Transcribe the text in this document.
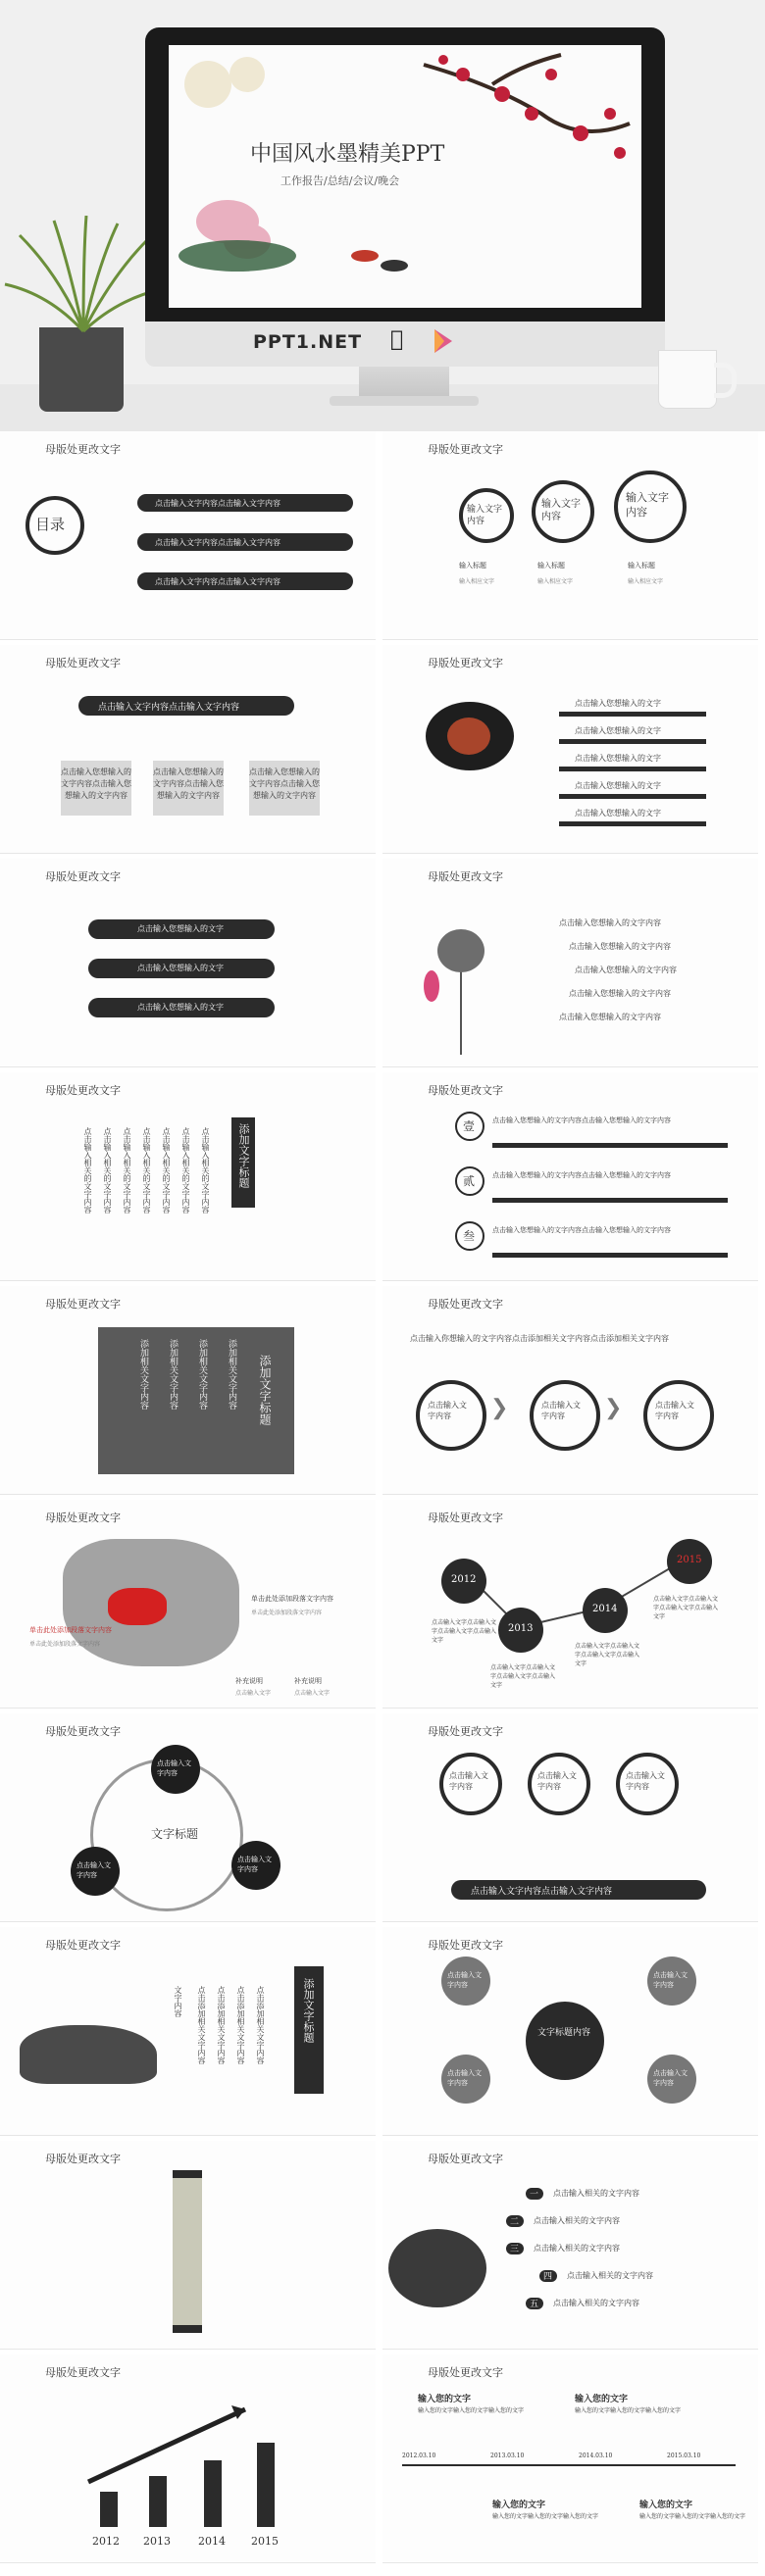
中国风水墨精美PPT
工作报告/总结/会议/晚会
PPT1.NET
母版处更改文字
目录
点击输入文字内容点击输入文字内容
点击输入文字内容点击输入文字内容
点击输入文字内容点击输入文字内容
母版处更改文字
输入文字内容
输入文字内容
输入文字内容
输入标题	输入标题	输入标题
输入相应文字	输入相应文字	输入相应文字
母版处更改文字
点击输入文字内容点击输入文字内容
点击输入您想输入的文字内容点击输入您想输入的文字内容
点击输入您想输入的文字内容点击输入您想输入的文字内容
点击输入您想输入的文字内容点击输入您想输入的文字内容
母版处更改文字
点击输入您想输入的文字
点击输入您想输入的文字
点击输入您想输入的文字
点击输入您想输入的文字
点击输入您想输入的文字
母版处更改文字
点击输入您想输入的文字
点击输入您想输入的文字
点击输入您想输入的文字
母版处更改文字
点击输入您想输入的文字内容
点击输入您想输入的文字内容
点击输入您想输入的文字内容
点击输入您想输入的文字内容
点击输入您想输入的文字内容
母版处更改文字
点击输入相关的文字内容 点击输入相关的文字内容 点击输入相关的文字内容 点击输入相关的文字内容 点击输入相关的文字内容 点击输入相关的文字内容 点击输入相关的文字内容	添加文字标题
母版处更改文字
壹
贰
叁
点击输入您想输入的文字内容点击输入您想输入的文字内容
点击输入您想输入的文字内容点击输入您想输入的文字内容
点击输入您想输入的文字内容点击输入您想输入的文字内容
母版处更改文字
添加相关文字内容 添加相关文字内容 添加相关文字内容 添加相关文字内容 添加文字标题
母版处更改文字
点击输入你想输入的文字内容点击添加相关文字内容点击添加相关文字内容
点击输入文字内容
点击输入文字内容
点击输入文字内容
❯	❯
母版处更改文字
单击此处添加段落文字内容
单击此处添加段落文字内容
单击此处添加段落文字内容
单击此处添加段落文字内容
补充说明	补充说明
点击输入文字	点击输入文字
母版处更改文字
2012
2013
2014
2015
点击输入文字点击输入文字点击输入文字点击输入文字
点击输入文字点击输入文字点击输入文字点击输入文字
点击输入文字点击输入文字点击输入文字点击输入文字
点击输入文字点击输入文字点击输入文字点击输入文字
母版处更改文字
文字标题
点击输入文字内容
点击输入文字内容
点击输入文字内容
母版处更改文字
点击输入文字内容
点击输入文字内容
点击输入文字内容
点击输入文字内容点击输入文字内容
母版处更改文字
文字内容 点击添加相关文字内容 点击添加相关文字内容 点击添加相关文字内容 点击添加相关文字内容	添加文字标题
母版处更改文字
文字标题内容
点击输入文字内容
点击输入文字内容
点击输入文字内容
点击输入文字内容
母版处更改文字	母版处更改文字
一
二
三
四
五
点击输入相关的文字内容
点击输入相关的文字内容
点击输入相关的文字内容
点击输入相关的文字内容
点击输入相关的文字内容
母版处更改文字
2012 2013	2014 2015
母版处更改文字
输入您的文字	输入您的文字
输入您的文字输入您的文字输入您的文字	输入您的文字输入您的文字输入您的文字
2012.03.10	2013.03.10	2014.03.10	2015.03.10
输入您的文字	输入您的文字
输入您的文字输入您的文字输入您的文字	输入您的文字输入您的文字输入您的文字
